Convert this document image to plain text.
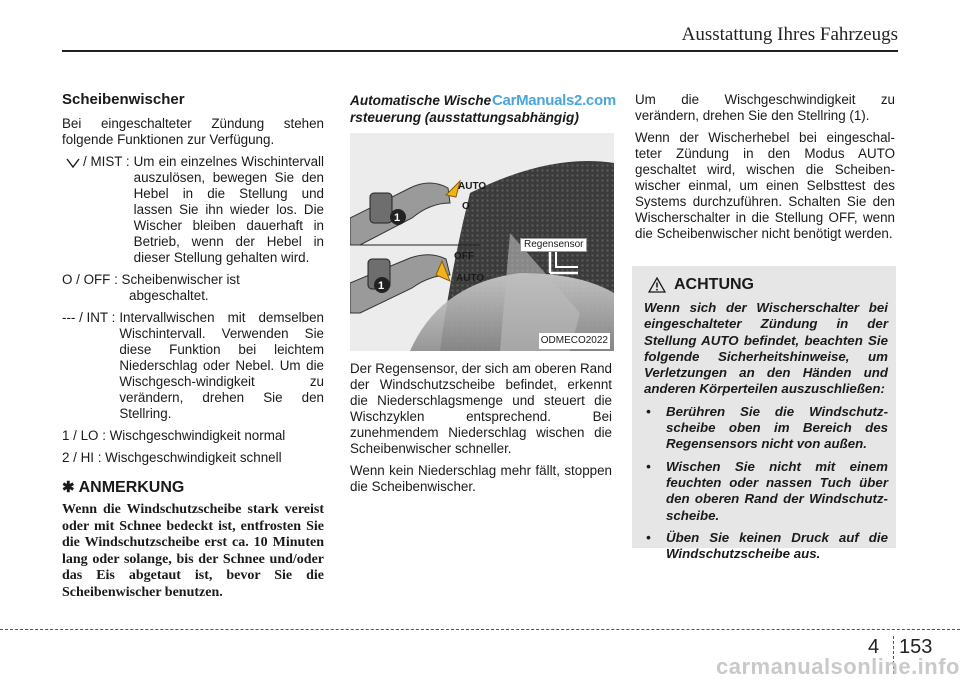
Ausstattung Ihres Fahrzeugs
Scheibenwischer

Bei eingeschalteter Zündung stehen folgende Funktionen zur Verfügung.

/ MIST : Um ein einzelnes Wischintervall auszulösen, bewegen Sie den Hebel in die Stellung und lassen Sie ihn wieder los. Die Wischer bleiben dauerhaft in Betrieb, wenn der Hebel in dieser Stellung gehalten wird.
O / OFF : Scheibenwischer ist
abgeschaltet.
--- / INT : Intervallwischen mit demselben Wischintervall. Verwenden Sie diese Funktion bei leichtem Niederschlag oder Nebel. Um die Wischgesch-windigkeit zu verändern, drehen Sie den Stellring.

1 / LO : Wischgeschwindigkeit normal

2 / HI : Wischgeschwindigkeit schnell

✱ ANMERKUNG

Wenn die Windschutzscheibe stark vereist oder mit Schnee bedeckt ist, entfrosten Sie die Windschutzscheibe erst ca. 10 Minuten lang oder solange, bis der Schnee und/oder das Eis abgetaut ist, bevor Sie die Scheibenwischer benutzen.

Automatische Wische
rsteuerung (ausstattungsabhängig)
CarManuals2.com
AUTO
O
OFF
AUTO
1
1
Regensensor
ODMECO2022

Der Regensensor, der sich am oberen Rand der Windschutzscheibe befindet, erkennt die Niederschlagsmenge und steuert die Wischzyklen entsprechend. Bei zunehmendem Niederschlag wischen die Scheibenwischer schneller.

Wenn kein Niederschlag mehr fällt, stoppen die Scheibenwischer.

Um die Wischgeschwindigkeit zu verändern, drehen Sie den Stellring (1).

Wenn der Wischerhebel bei eingeschal-teter Zündung in den Modus AUTO geschaltet wird, wischen die Scheiben-wischer einmal, um einen Selbsttest des Systems durchzuführen. Schalten Sie den Wischerschalter in die Stellung OFF, wenn die Scheibenwischer nicht benötigt werden.

ACHTUNG

Wenn sich der Wischerschalter bei eingeschalteter Zündung in der Stellung AUTO befindet, beachten Sie folgende Sicherheitshinweise, um Verletzungen an den Händen und anderen Körperteilen auszuschließen:

• Berühren Sie die Windschutz-scheibe oben im Bereich des Regensensors nicht von außen.
• Wischen Sie nicht mit einem feuchten oder nassen Tuch über den oberen Rand der Windschutz-scheibe.
• Üben Sie keinen Druck auf die Windschutzscheibe aus.
4 153
carmanualsonline.info
